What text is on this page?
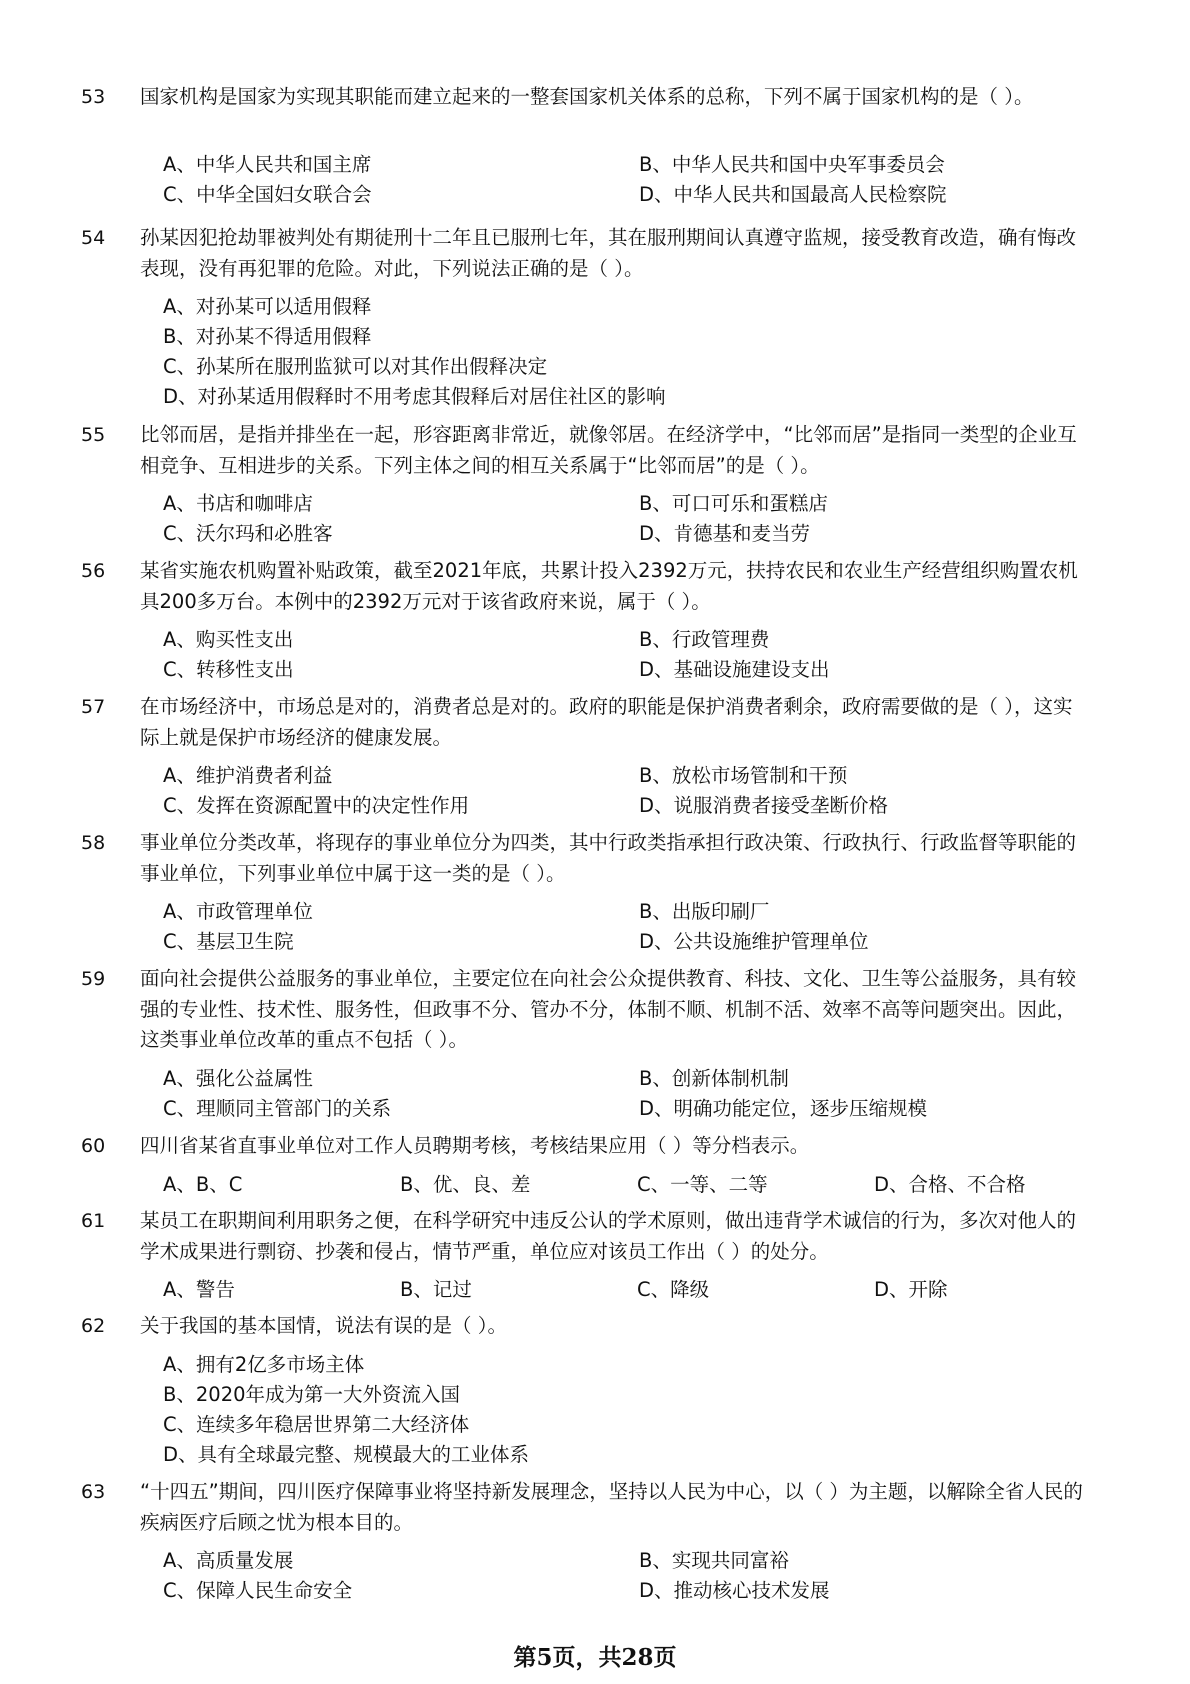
53 国家机构是国家为实现其职能而建立起来的一整套国家机关体系的总称，下列不属于国家机构的是（ ）。
A、中华人民共和国主席	B、中华人民共和国中央军事委员会
C、中华全国妇女联合会	D、中华人民共和国最高人民检察院
54 孙某因犯抢劫罪被判处有期徒刑十二年且已服刑七年，其在服刑期间认真遵守监规，接受教育改造，确有悔改表现，没有再犯罪的危险。对此，下列说法正确的是（ ）。
A、对孙某可以适用假释
B、对孙某不得适用假释
C、孙某所在服刑监狱可以对其作出假释决定
D、对孙某适用假释时不用考虑其假释后对居住社区的影响
55 比邻而居，是指并排坐在一起，形容距离非常近，就像邻居。在经济学中，“比邻而居”是指同一类型的企业互相竞争、互相进步的关系。下列主体之间的相互关系属于“比邻而居”的是（ ）。
A、书店和咖啡店	B、可口可乐和蛋糕店
C、沃尔玛和必胜客	D、肯德基和麦当劳
56 某省实施农机购置补贴政策，截至2021年底，共累计投入2392万元，扶持农民和农业生产经营组织购置农机具200多万台。本例中的2392万元对于该省政府来说，属于（ ）。
A、购买性支出	B、行政管理费
C、转移性支出	D、基础设施建设支出
57 在市场经济中，市场总是对的，消费者总是对的。政府的职能是保护消费者剩余，政府需要做的是（ ），这实际上就是保护市场经济的健康发展。
A、维护消费者利益	B、放松市场管制和干预
C、发挥在资源配置中的决定性作用	D、说服消费者接受垄断价格
58 事业单位分类改革，将现存的事业单位分为四类，其中行政类指承担行政决策、行政执行、行政监督等职能的事业单位，下列事业单位中属于这一类的是（ ）。
A、市政管理单位	B、出版印刷厂
C、基层卫生院	D、公共设施维护管理单位
59 面向社会提供公益服务的事业单位，主要定位在向社会公众提供教育、科技、文化、卫生等公益服务，具有较强的专业性、技术性、服务性，但政事不分、管办不分，体制不顺、机制不活、效率不高等问题突出。因此，这类事业单位改革的重点不包括（ ）。
A、强化公益属性	B、创新体制机制
C、理顺同主管部门的关系	D、明确功能定位，逐步压缩规模
60 四川省某省直事业单位对工作人员聘期考核，考核结果应用（ ）等分档表示。
A、B、C	B、优、良、差	C、一等、二等	D、合格、不合格
61 某员工在职期间利用职务之便，在科学研究中违反公认的学术原则，做出违背学术诚信的行为，多次对他人的学术成果进行剽窃、抄袭和侵占，情节严重，单位应对该员工作出（ ）的处分。
A、警告	B、记过	C、降级	D、开除
62 关于我国的基本国情，说法有误的是（ ）。
A、拥有2亿多市场主体
B、2020年成为第一大外资流入国
C、连续多年稳居世界第二大经济体
D、具有全球最完整、规模最大的工业体系
63 “十四五”期间，四川医疗保障事业将坚持新发展理念，坚持以人民为中心，以（ ）为主题，以解除全省人民的疾病医疗后顾之忧为根本目的。
A、高质量发展	B、实现共同富裕
C、保障人民生命安全	D、推动核心技术发展
第5页，共28页
